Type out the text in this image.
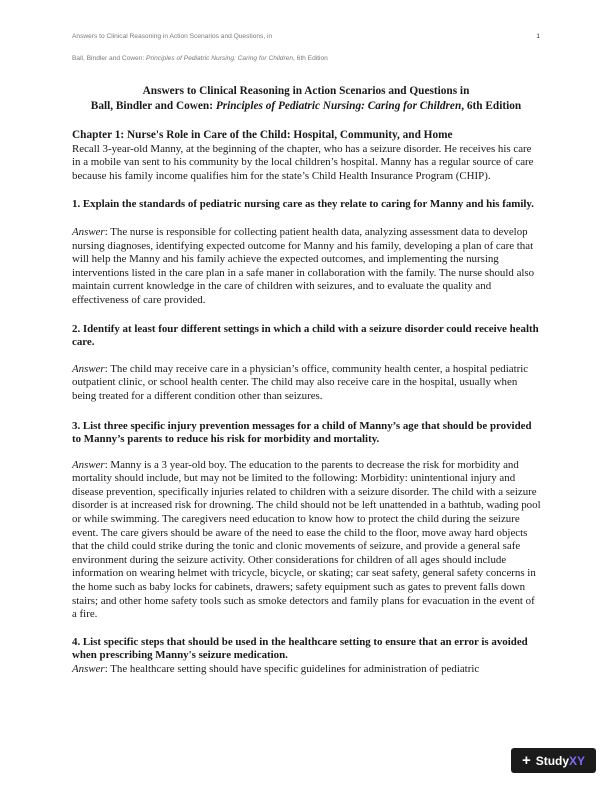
Answers to Clinical Reasoning in Action Scenarios and Questions, in
Ball, Bindler and Cowen: Principles of Pediatric Nursing: Caring for Children, 6th Edition
1
Answers to Clinical Reasoning in Action Scenarios and Questions in
Ball, Bindler and Cowen: Principles of Pediatric Nursing: Caring for Children, 6th Edition

Chapter 1: Nurse's Role in Care of the Child: Hospital, Community, and Home

Recall 3-year-old Manny, at the beginning of the chapter, who has a seizure disorder. He receives his care in a mobile van sent to his community by the local children’s hospital. Manny has a regular source of care because his family income qualifies him for the state’s Child Health Insurance Program (CHIP).

1. Explain the standards of pediatric nursing care as they relate to caring for Manny and his family.

Answer: The nurse is responsible for collecting patient health data, analyzing assessment data to develop nursing diagnoses, identifying expected outcome for Manny and his family, developing a plan of care that will help the Manny and his family achieve the expected outcomes, and implementing the nursing interventions listed in the care plan in a safe maner in collaboration with the family. The nurse should also maintain current knowledge in the care of children with seizures, and to evaluate the quality and effectiveness of care provided.

2. Identify at least four different settings in which a child with a seizure disorder could receive health care.

Answer: The child may receive care in a physician’s office, community health center, a hospital pediatric outpatient clinic, or school health center. The child may also receive care in the hospital, usually when being treated for a different condition other than seizures.

3. List three specific injury prevention messages for a child of Manny’s age that should be provided to Manny’s parents to reduce his risk for morbidity and mortality.

Answer: Manny is a 3 year-old boy. The education to the parents to decrease the risk for morbidity and mortality should include, but may not be limited to the following: Morbidity: unintentional injury and disease prevention, specifically injuries related to children with a seizure disorder. The child with a seizure disorder is at increased risk for drowning. The child should not be left unattended in a bathtub, wading pool or while swimming. The caregivers need education to know how to protect the child during the seizure event. The care givers should be aware of the need to ease the child to the floor, move away hard objects that the child could strike during the tonic and clonic movements of seizure, and provide a general safe environment during the seizure activity. Other considerations for children of all ages should include information on wearing helmet with tricycle, bicycle, or skating; car seat safety, general safety concerns in the home such as baby locks for cabinets, drawers; safety equipment such as gates to prevent falls down stairs; and other home safety tools such as smoke detectors and family plans for evacuation in the event of a fire.

4. List specific steps that should be used in the healthcare setting to ensure that an error is avoided when prescribing Manny's seizure medication.

Answer: The healthcare setting should have specific guidelines for administration of pediatric

+ Study XY
